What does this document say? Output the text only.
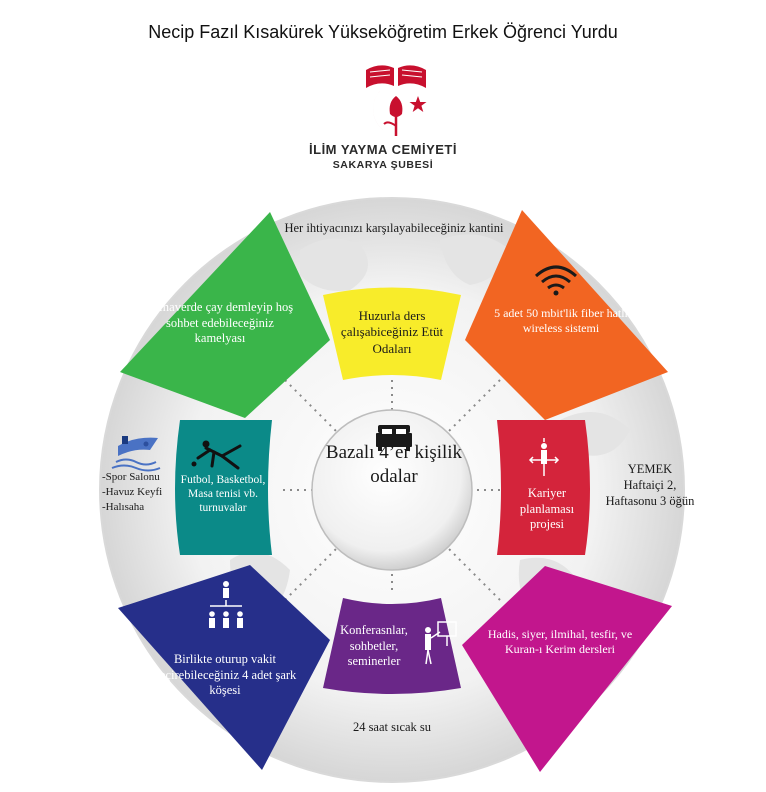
Necip Fazıl Kısakürek Yükseköğretim Erkek Öğrenci Yurdu
İLİM YAYMA CEMİYETİ
SAKARYA ŞUBESİ
Her ihtiyacınızı karşılayabileceğiniz kantini
24 saat sıcak su
YEMEK
Haftaiçi 2, Haftasonu 3 öğün
-Spor Salonu
-Havuz Keyfi
-Halısaha
Semaverde çay demleyip hoş sohbet edebileceğiniz kamelyası
5 adet 50 mbit'lik fiber hatlı wireless sistemi
Hadis, siyer, ilmihal, tesfir, ve Kuran-ı Kerim dersleri
Birlikte oturup vakit geçirebileceğiniz 4 adet şark köşesi
Huzurla ders çalışabiceğiniz Etüt Odaları
Kariyer planlaması projesi
Konferasnlar, sohbetler, seminerler
Futbol, Basketbol, Masa tenisi vb. turnuvalar
Bazalı 4’er kişilik odalar
